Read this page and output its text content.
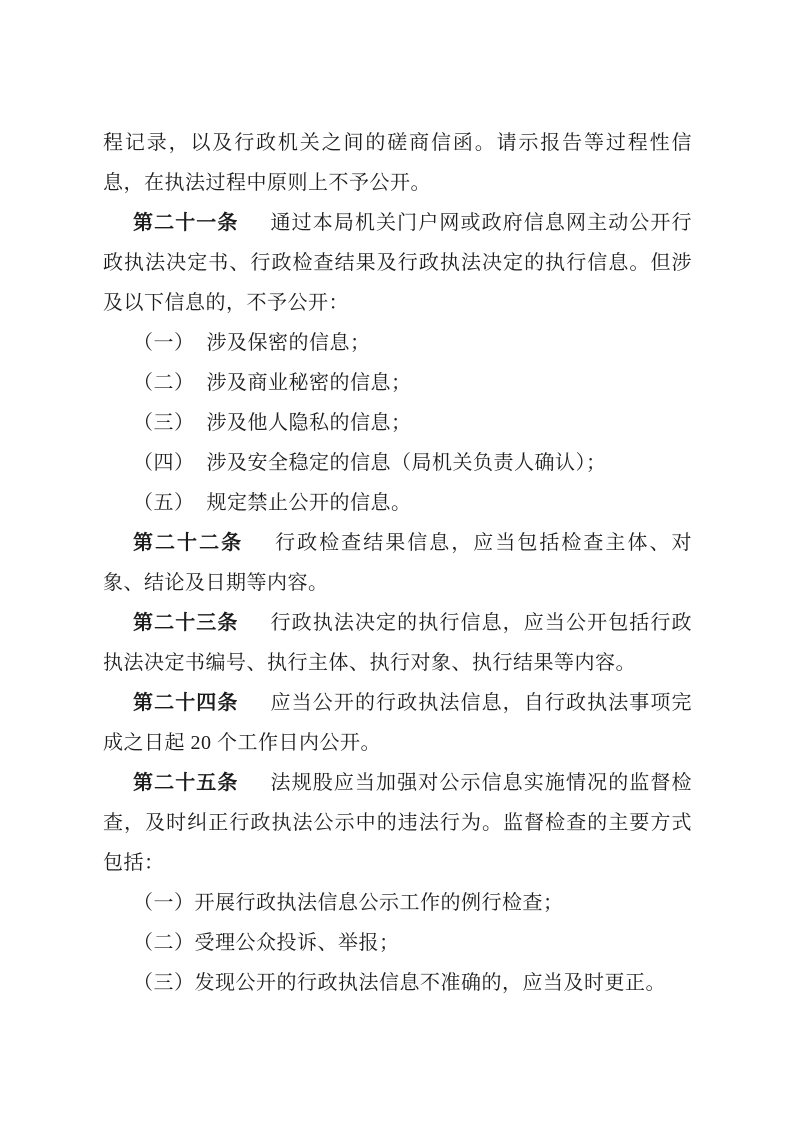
程记录，以及行政机关之间的磋商信函。请示报告等过程性信息，在执法过程中原则上不予公开。

第二十一条 通过本局机关门户网或政府信息网主动公开行政执法决定书、行政检查结果及行政执法决定的执行信息。但涉及以下信息的，不予公开：

（一） 涉及保密的信息；

（二） 涉及商业秘密的信息；

（三） 涉及他人隐私的信息；

（四） 涉及安全稳定的信息（局机关负责人确认）；

（五） 规定禁止公开的信息。

第二十二条 行政检查结果信息，应当包括检查主体、对象、结论及日期等内容。

第二十三条 行政执法决定的执行信息，应当公开包括行政执法决定书编号、执行主体、执行对象、执行结果等内容。

第二十四条 应当公开的行政执法信息，自行政执法事项完成之日起 20 个工作日内公开。

第二十五条 法规股应当加强对公示信息实施情况的监督检查，及时纠正行政执法公示中的违法行为。监督检查的主要方式包括：

（一）开展行政执法信息公示工作的例行检查；

（二）受理公众投诉、举报；

（三）发现公开的行政执法信息不准确的，应当及时更正。
